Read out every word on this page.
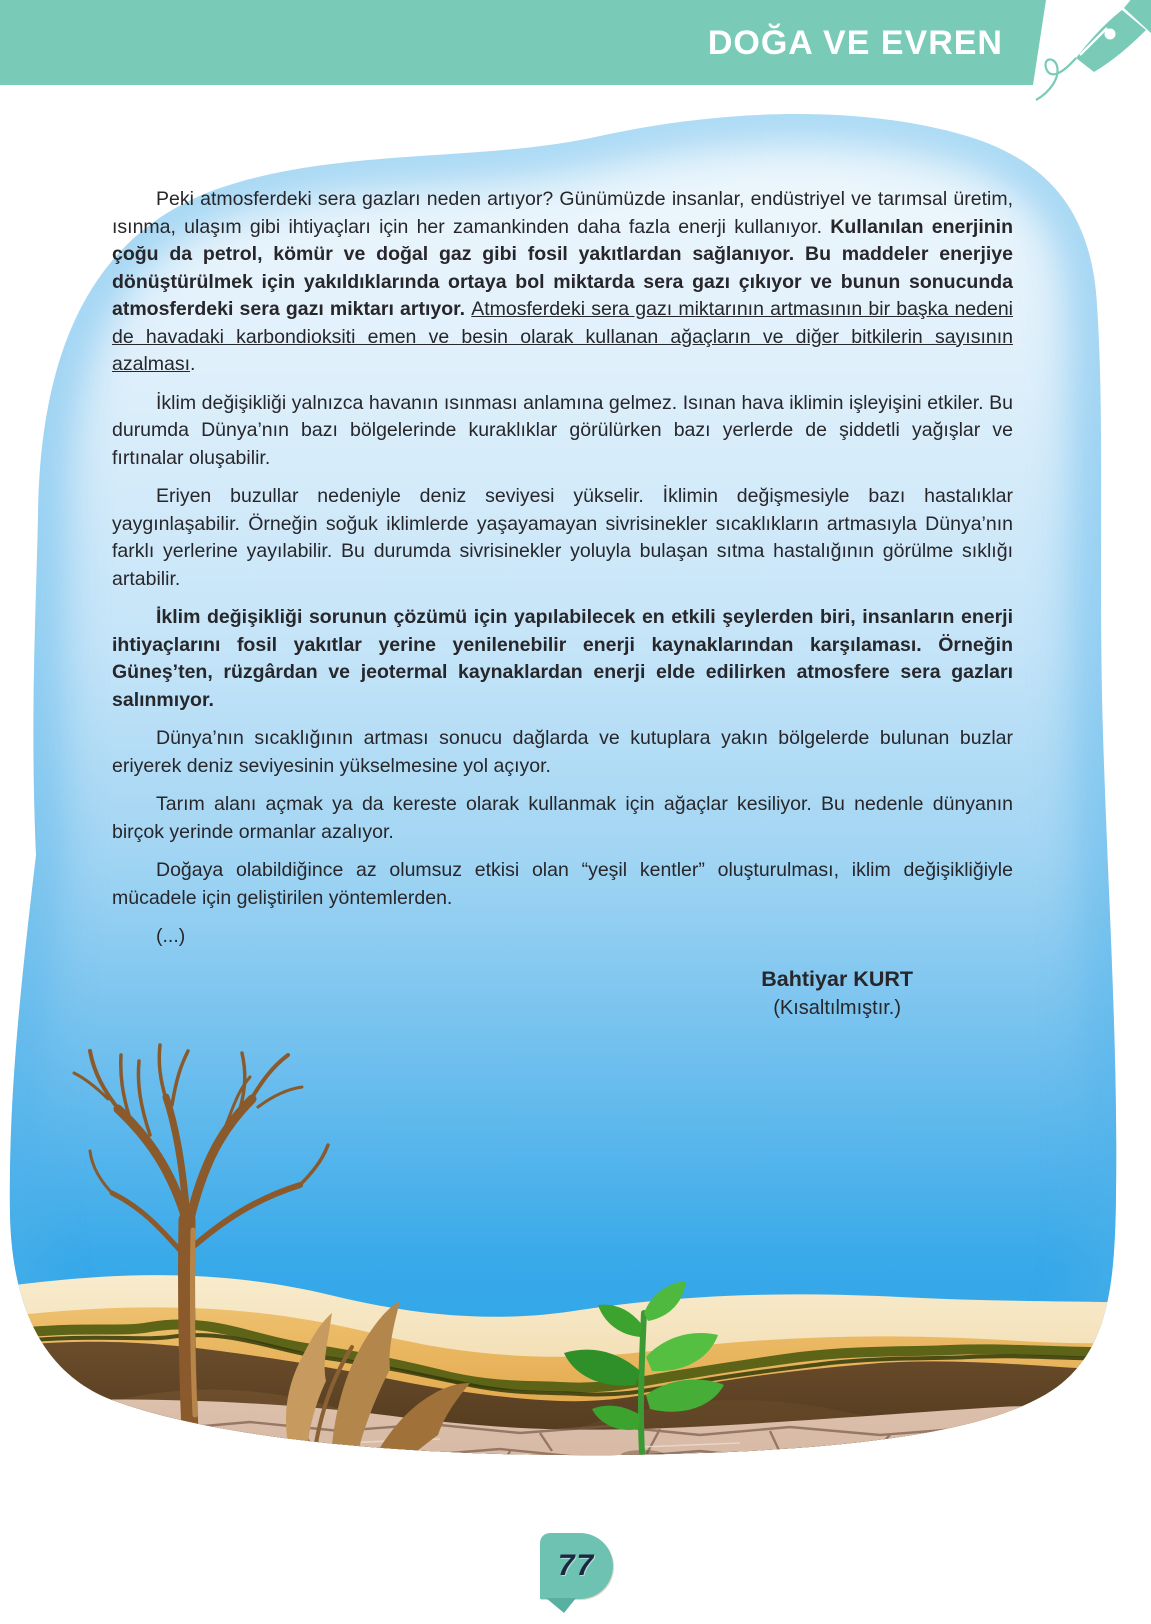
DOĞA VE EVREN

Peki atmosferdeki sera gazları neden artıyor? Günümüzde insanlar, endüstriyel ve tarımsal üretim, ısınma, ulaşım gibi ihtiyaçları için her zamankinden daha fazla enerji kullanıyor. Kullanılan enerjinin çoğu da petrol, kömür ve doğal gaz gibi fosil yakıtlardan sağlanıyor. Bu maddeler enerjiye dönüştürülmek için yakıldıklarında ortaya bol miktarda sera gazı çıkıyor ve bunun sonucunda atmosferdeki sera gazı miktarı artıyor. Atmosferdeki sera gazı miktarının artmasının bir başka nedeni de havadaki karbondioksiti emen ve besin olarak kullanan ağaçların ve diğer bitkilerin sayısının azalması.

İklim değişikliği yalnızca havanın ısınması anlamına gelmez. Isınan hava iklimin işleyişini etkiler. Bu durumda Dünya’nın bazı bölgelerinde kuraklıklar görülürken bazı yerlerde de şiddetli yağışlar ve fırtınalar oluşabilir.

Eriyen buzullar nedeniyle deniz seviyesi yükselir. İklimin değişmesiyle bazı hastalıklar yaygınlaşabilir. Örneğin soğuk iklimlerde yaşayamayan sivrisinekler sıcaklıkların artmasıyla Dünya’nın farklı yerlerine yayılabilir. Bu durumda sivrisinekler yoluyla bulaşan sıtma hastalığının görülme sıklığı artabilir.

İklim değişikliği sorunun çözümü için yapılabilecek en etkili şeylerden biri, insanların enerji ihtiyaçlarını fosil yakıtlar yerine yenilenebilir enerji kaynaklarından karşılaması. Örneğin Güneş’ten, rüzgârdan ve jeotermal kaynaklardan enerji elde edilirken atmosfere sera gazları salınmıyor.

Dünya’nın sıcaklığının artması sonucu dağlarda ve kutuplara yakın bölgelerde bulunan buzlar eriyerek deniz seviyesinin yükselmesine yol açıyor.

Tarım alanı açmak ya da kereste olarak kullanmak için ağaçlar kesiliyor. Bu nedenle dünyanın birçok yerinde ormanlar azalıyor.

Doğaya olabildiğince az olumsuz etkisi olan “yeşil kentler” oluşturulması, iklim değişikliğiyle mücadele için geliştirilen yöntemlerden.

(...)

Bahtiyar KURT
(Kısaltılmıştır.)
77
